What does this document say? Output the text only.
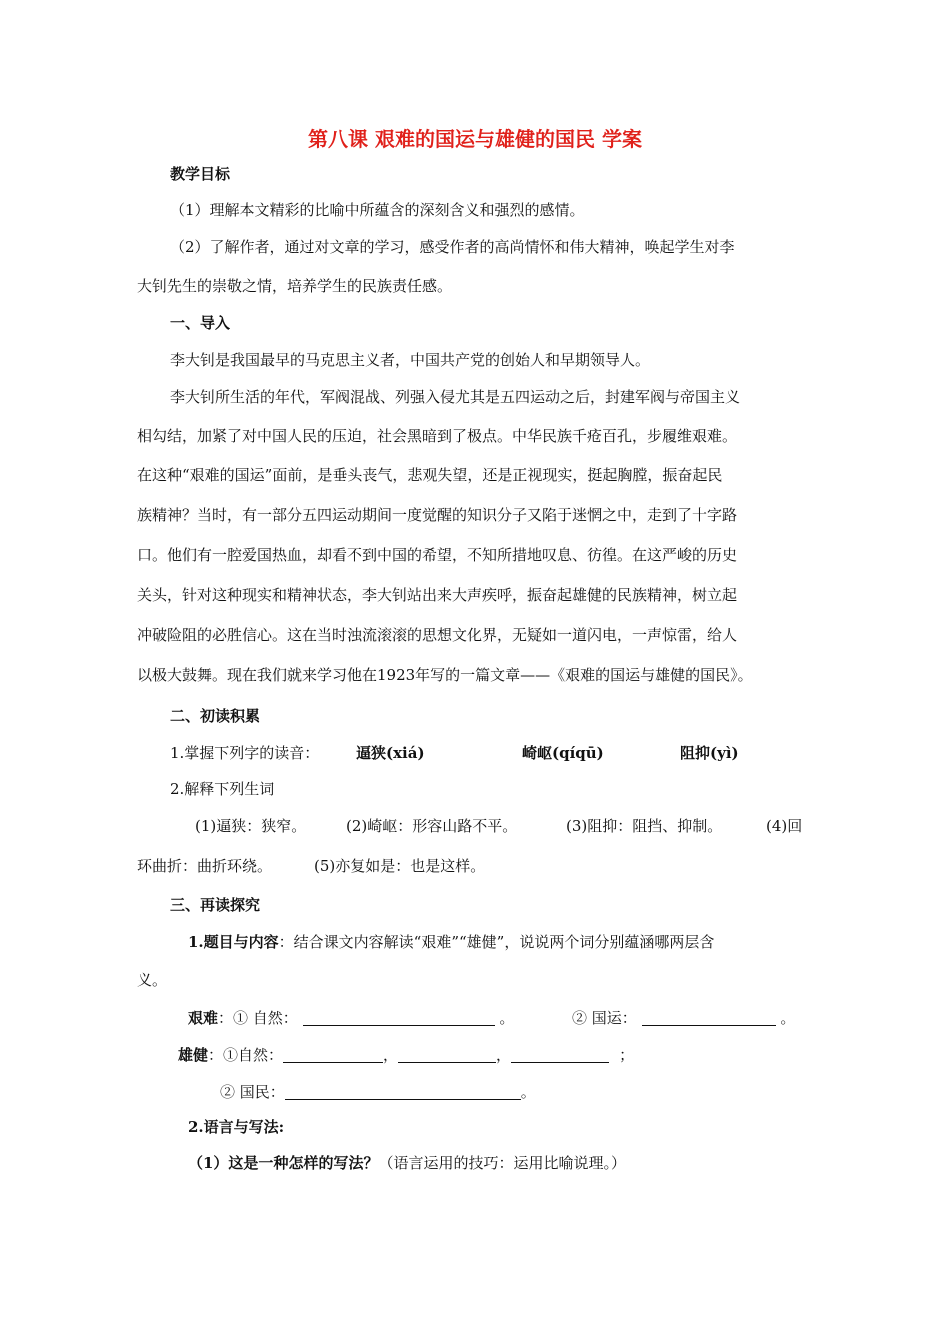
第八课 艰难的国运与雄健的国民 学案
教学目标
（1）理解本文精彩的比喻中所蕴含的深刻含义和强烈的感情。
（2）了解作者，通过对文章的学习，感受作者的高尚情怀和伟大精神，唤起学生对李
大钊先生的崇敬之情，培养学生的民族责任感。
一、导入
李大钊是我国最早的马克思主义者，中国共产党的创始人和早期领导人。
李大钊所生活的年代，军阀混战、列强入侵尤其是五四运动之后，封建军阀与帝国主义
相勾结，加紧了对中国人民的压迫，社会黑暗到了极点。中华民族千疮百孔，步履维艰难。
在这种“艰难的国运”面前，是垂头丧气，悲观失望，还是正视现实，挺起胸膛，振奋起民
族精神？当时，有一部分五四运动期间一度觉醒的知识分子又陷于迷惘之中，走到了十字路
口。他们有一腔爱国热血，却看不到中国的希望，不知所措地叹息、彷徨。在这严峻的历史
关头，针对这种现实和精神状态，李大钊站出来大声疾呼，振奋起雄健的民族精神，树立起
冲破险阻的必胜信心。这在当时浊流滚滚的思想文化界，无疑如一道闪电，一声惊雷，给人
以极大鼓舞。现在我们就来学习他在1923年写的一篇文章——《艰难的国运与雄健的国民》。
二、初读积累
1.掌握下列字的读音： 逼狭(xiá)	崎岖(qíqū)	阻抑(yì)
2.解释下列生词
(1)逼狭：狭窄。	(2)崎岖：形容山路不平。	(3)阻抑：阻挡、抑制。	(4)回
环曲折：曲折环绕。	(5)亦复如是：也是这样。
三、再读探究
1.题目与内容：结合课文内容解读“艰难”“雄健”，说说两个词分别蕴涵哪两层含
义。
艰难：① 自然：	。	② 国运：	。
雄健：①自然：	，	，	；
② 国民：	。
2.语言与写法:
（1）这是一种怎样的写法？（语言运用的技巧：运用比喻说理。）
